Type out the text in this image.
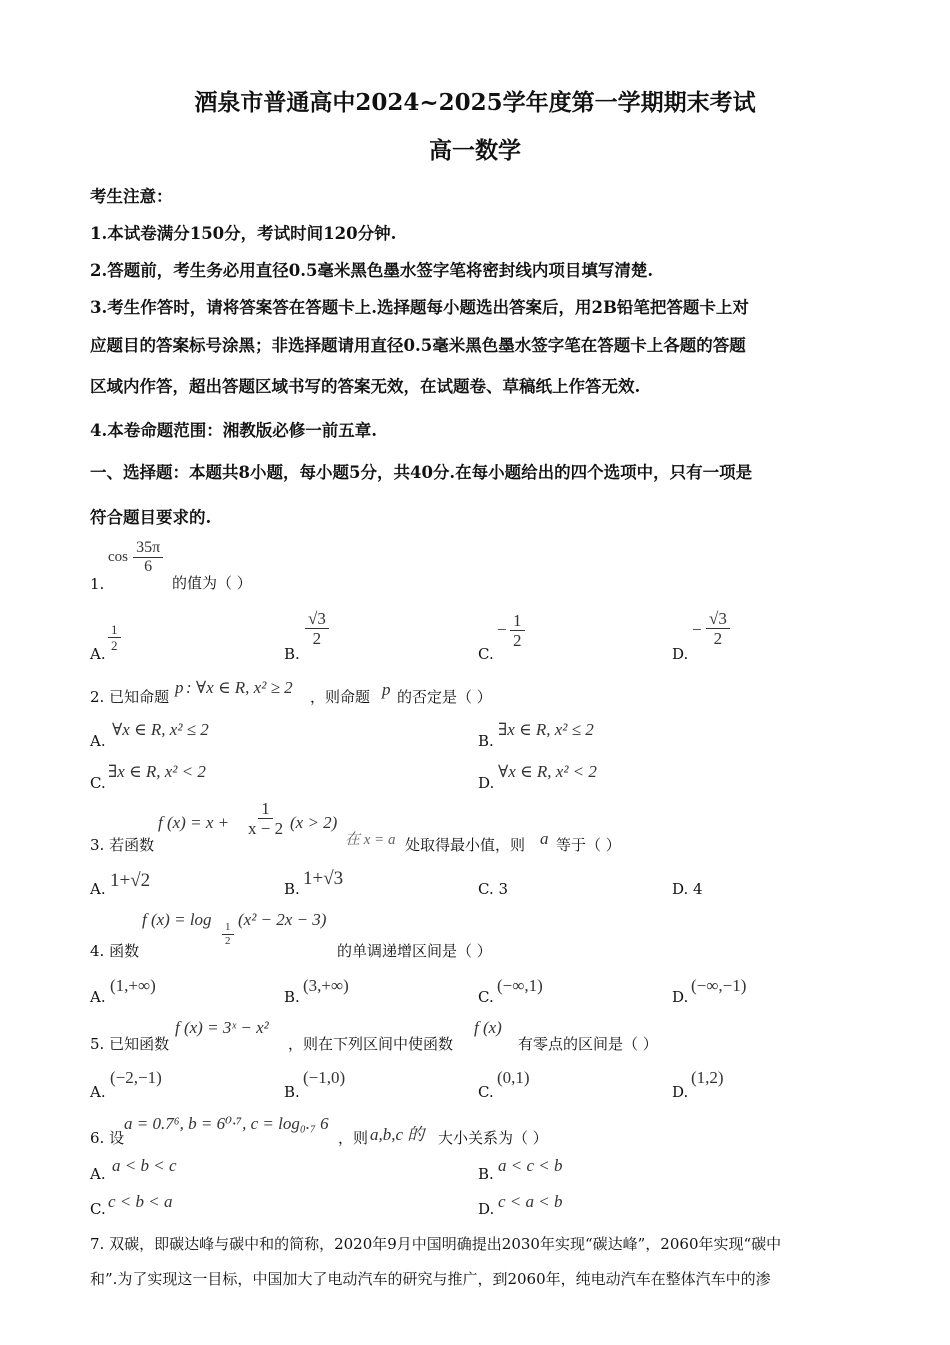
酒泉市普通高中2024~2025学年度第一学期期末考试
高一数学
考生注意：
1.本试卷满分150分，考试时间120分钟.
2.答题前，考生务必用直径0.5毫米黑色墨水签字笔将密封线内项目填写清楚.
3.考生作答时，请将答案答在答题卡上.选择题每小题选出答案后，用2B铅笔把答题卡上对
应题目的答案标号涂黑；非选择题请用直径0.5毫米黑色墨水签字笔在答题卡上各题的答题
区域内作答，超出答题区域书写的答案无效，在试题卷、草稿纸上作答无效.
4.本卷命题范围：湘教版必修一前五章.
一、选择题：本题共8小题，每小题5分，共40分.在每小题给出的四个选项中，只有一项是
符合题目要求的.
1.
$\cos \frac{35\pi}{6}$
的值为（ ）
A.
$\frac{1}{2}$
B.
$\frac{√3}{2}$
C.
− $\frac{1}{2}$
D.
− $\frac{√3}{2}$
2. 已知命题 p : ∀x ∈ R, x² ≥ 2 ，则命题 p 的否定是（ ）
A.
∀x ∈ R, x² ≤ 2
B.
∃x ∈ R, x² ≤ 2
C.
∃x ∈ R, x² < 2
D.
∀x ∈ R, x² < 2
3. 若函数
f $(x) = x + \frac{1}{x - 2} (x > 2)$
在 x = a 处取得最小值，则 a 等于（ ）
A. 1+√2	B. 1+√3	C. 3	D. 4
4. 函数
f (x) = log
$\frac{1}{2}$
(x² − 2x − 3)
的单调递增区间是（ ）
A.
(1,+∞)
B.
(3,+∞)
C.
(−∞,1)
D.
(−∞,−1)
5. 已知函数
f (x) = 3ˣ − x²
，则在下列区间中使函数
f (x)
有零点的区间是（ ）
A.
(−2,−1)
B.
(−1,0)
C.
(0,1)
D.
(1,2)
6. 设
a = 0.7⁶, b = 6⁰·⁷, c = log₀.₇ 6
，则 a,b,c 的 大小关系为（ ）
A. a < b < c	B. a < c < b
C. c < b < a	D. c < a < b
7. 双碳，即碳达峰与碳中和的简称，2020年9月中国明确提出2030年实现“碳达峰”，2060年实现“碳中
和”.为了实现这一目标，中国加大了电动汽车的研究与推广，到2060年，纯电动汽车在整体汽车中的渗
